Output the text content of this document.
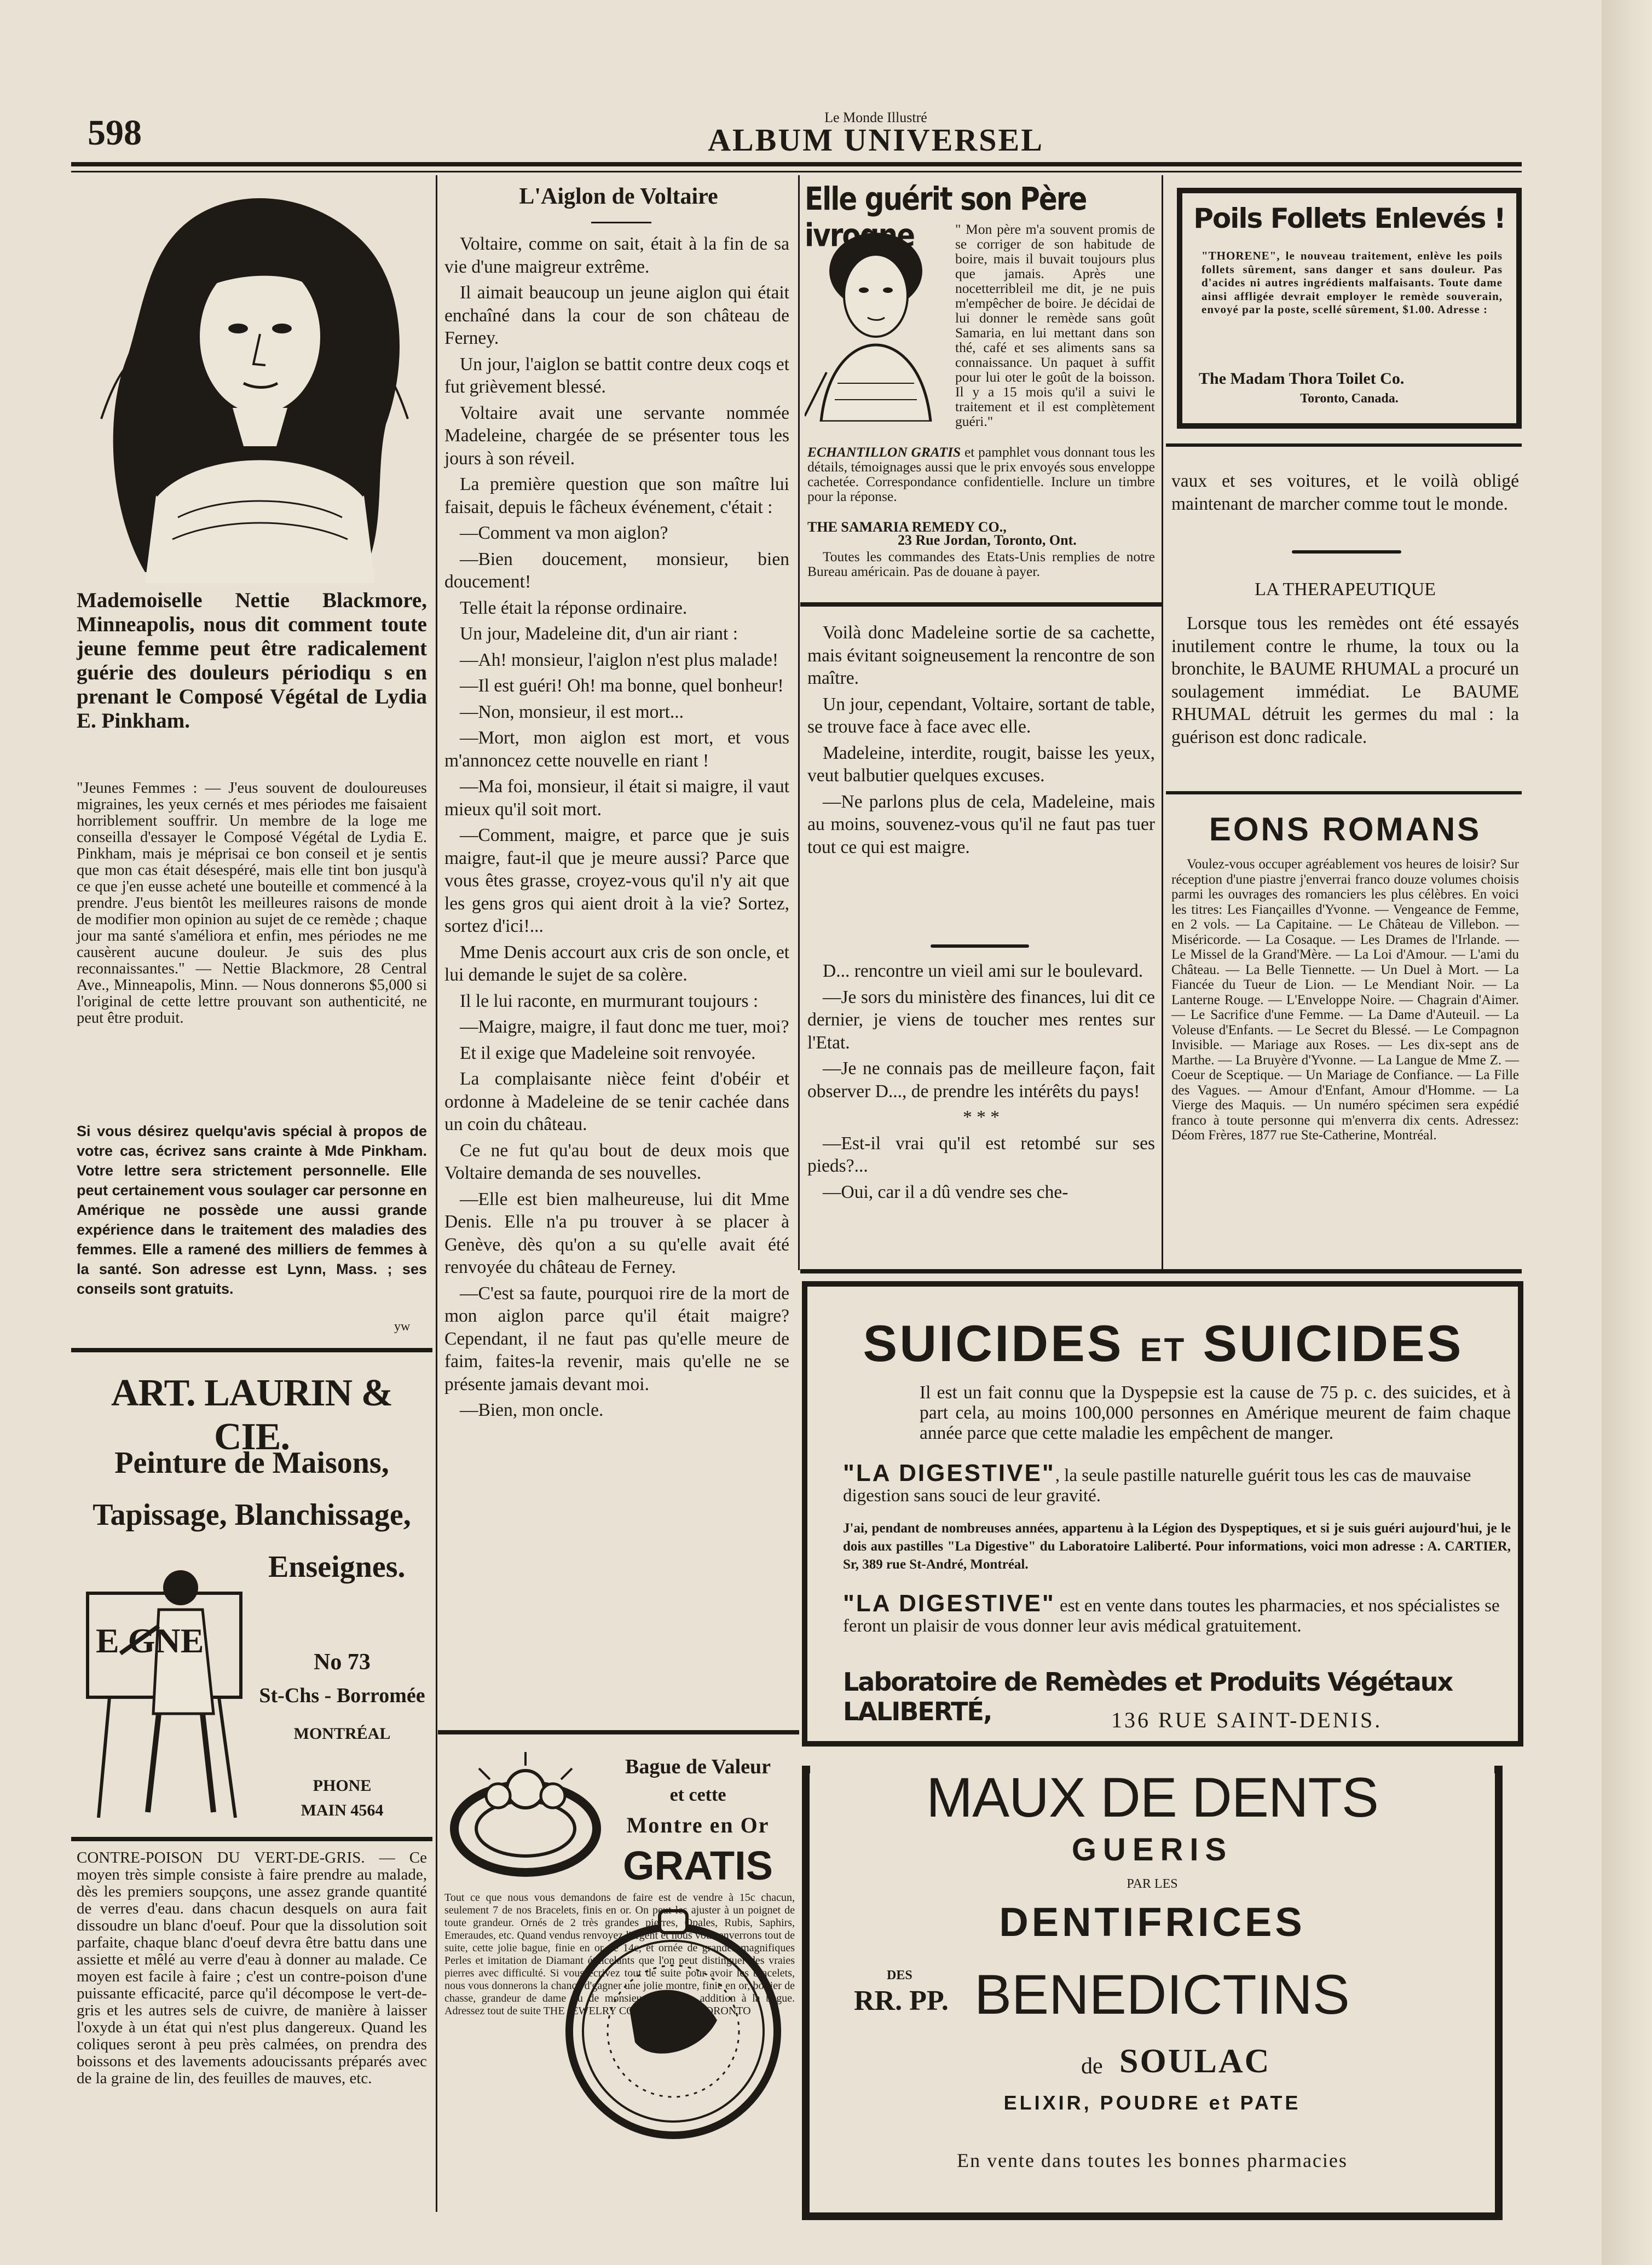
598	Le Monde Illustré
ALBUM UNIVERSEL
Mademoiselle Nettie Blackmore, Minneapolis, nous dit comment toute jeune femme peut être radicalement guérie des douleurs périodiqu s en prenant le Composé Végétal de Lydia E. Pinkham.

"Jeunes Femmes : — J'eus souvent de douloureuses migraines, les yeux cernés et mes périodes me faisaient horriblement souffrir. Un membre de la loge me conseilla d'essayer le Composé Végétal de Lydia E. Pinkham, mais je méprisai ce bon conseil et je sentis que mon cas était désespéré, mais elle tint bon jusqu'à ce que j'en eusse acheté une bouteille et commencé à la prendre. J'eus bientôt les meilleures raisons de monde de modifier mon opinion au sujet de ce remède ; chaque jour ma santé s'améliora et enfin, mes périodes ne me causèrent aucune douleur. Je suis des plus reconnaissantes." — Nettie Blackmore, 28 Central Ave., Minneapolis, Minn. — Nous donnerons $5,000 si l'original de cette lettre prouvant son authenticité, ne peut être produit.

Si vous désirez quelqu'avis spécial à propos de votre cas, écrivez sans crainte à Mde Pinkham. Votre lettre sera strictement personnelle. Elle peut certainement vous soulager car personne en Amérique ne possède une aussi grande expérience dans le traitement des maladies des femmes. Elle a ramené des milliers de femmes à la santé. Son adresse est Lynn, Mass. ; ses conseils sont gratuits.
yw
ART. LAURIN & CIE.
Peinture de Maisons,
Tapissage, Blanchissage,
Enseignes.
E GNE
No 73
St-Chs - Borromée
MONTRÉAL
PHONE
MAIN 4564

CONTRE-POISON DU VERT-DE-GRIS. — Ce moyen très simple consiste à faire prendre au malade, dès les premiers soupçons, une assez grande quantité de verres d'eau. dans chacun desquels on aura fait dissoudre un blanc d'oeuf. Pour que la dissolution soit parfaite, chaque blanc d'oeuf devra être battu dans une assiette et mêlé au verre d'eau à donner au malade. Ce moyen est facile à faire ; c'est un contre-poison d'une puissante efficacité, parce qu'il décompose le vert-de-gris et les autres sels de cuivre, de manière à laisser l'oxyde à un état qui n'est plus dangereux. Quand les coliques seront à peu près calmées, on prendra des boissons et des lavements adoucissants préparés avec de la graine de lin, des feuilles de mauves, etc.

L'Aiglon de Voltaire

Voltaire, comme on sait, était à la fin de sa vie d'une maigreur extrême.

Il aimait beaucoup un jeune aiglon qui était enchaîné dans la cour de son château de Ferney.

Un jour, l'aiglon se battit contre deux coqs et fut grièvement blessé.

Voltaire avait une servante nommée Madeleine, chargée de se présenter tous les jours à son réveil.

La première question que son maître lui faisait, depuis le fâcheux événement, c'était :

—Comment va mon aiglon?

—Bien doucement, monsieur, bien doucement!

Telle était la réponse ordinaire.

Un jour, Madeleine dit, d'un air riant :

—Ah! monsieur, l'aiglon n'est plus malade!

—Il est guéri! Oh! ma bonne, quel bonheur!

—Non, monsieur, il est mort...

—Mort, mon aiglon est mort, et vous m'annoncez cette nouvelle en riant !

—Ma foi, monsieur, il était si maigre, il vaut mieux qu'il soit mort.

—Comment, maigre, et parce que je suis maigre, faut-il que je meure aussi? Parce que vous êtes grasse, croyez-vous qu'il n'y ait que les gens gros qui aient droit à la vie? Sortez, sortez d'ici!...

Mme Denis accourt aux cris de son oncle, et lui demande le sujet de sa colère.

Il le lui raconte, en murmurant toujours :

—Maigre, maigre, il faut donc me tuer, moi?

Et il exige que Madeleine soit renvoyée.

La complaisante nièce feint d'obéir et ordonne à Madeleine de se tenir cachée dans un coin du château.

Ce ne fut qu'au bout de deux mois que Voltaire demanda de ses nouvelles.

—Elle est bien malheureuse, lui dit Mme Denis. Elle n'a pu trouver à se placer à Genève, dès qu'on a su qu'elle avait été renvoyée du château de Ferney.

—C'est sa faute, pourquoi rire de la mort de mon aiglon parce qu'il était maigre? Cependant, il ne faut pas qu'elle meure de faim, faites-la revenir, mais qu'elle ne se présente jamais devant moi.

—Bien, mon oncle.

Bague de Valeur
et cette
Montre en Or
GRATIS
Tout ce que nous vous demandons de faire est de vendre à 15c chacun, seulement 7 de nos Bracelets, finis en or. On peut les ajuster à un poignet de toute grandeur. Ornés de 2 très grandes pierres, Opales, Rubis, Saphirs, Emeraudes, etc. Quand vendus renvoyez l'argent et nous vous enverrons tout de suite, cette jolie bague, finie en or de 14c, et ornée de grandes magnifiques Perles et imitation de Diamant étincelants que l'on peut distinguer des vraies pierres avec difficulté. Si vous écrivez tout de suite pour avoir les bracelets, nous vous donnerons la chance d'gagner une jolie montre, finie en or, boitier de chasse, grandeur de dame ou de monsieur, gratis en addition à la bague. Adressez tout de suite THE JEWELRY CO., DEPT. 1502 TORONTO
Elle guérit son Père ivrogne	" Mon père m'a souvent promis de se corriger de son habitude de boire, mais il buvait toujours plus que jamais. Après une nocetterribleil me dit, je ne puis m'empêcher de boire. Je décidai de lui donner le remède sans goût Samaria, en lui mettant dans son thé, café et ses aliments sans sa connaissance. Un paquet à suffit pour lui oter le goût de la boisson. Il y a 15 mois qu'il a suivi le traitement et il est complètement guéri."
ECHANTILLON GRATIS et pamphlet vous donnant tous les détails, témoignages aussi que le prix envoyés sous enveloppe cachetée. Correspondance confidentielle. Inclure un timbre pour la réponse.
THE SAMARIA REMEDY CO.,
23 Rue Jordan, Toronto, Ont.
Toutes les commandes des Etats-Unis remplies de notre Bureau américain. Pas de douane à payer.

Voilà donc Madeleine sortie de sa cachette, mais évitant soigneusement la rencontre de son maître.

Un jour, cependant, Voltaire, sortant de table, se trouve face à face avec elle.

Madeleine, interdite, rougit, baisse les yeux, veut balbutier quelques excuses.

—Ne parlons plus de cela, Madeleine, mais au moins, souvenez-vous qu'il ne faut pas tuer tout ce qui est maigre.

D... rencontre un vieil ami sur le boulevard.

—Je sors du ministère des finances, lui dit ce dernier, je viens de toucher mes rentes sur l'Etat.

—Je ne connais pas de meilleure façon, fait observer D..., de prendre les intérêts du pays!

* * *

—Est-il vrai qu'il est retombé sur ses pieds?...

—Oui, car il a dû vendre ses che-

Poils Follets Enlevés !
"THORENE", le nouveau traitement, enlève les poils follets sûrement, sans danger et sans douleur. Pas d'acides ni autres ingrédients malfaisants. Toute dame ainsi affligée devrait employer le remède souverain, envoyé par la poste, scellé sûrement, $1.00. Adresse :
The Madam Thora Toilet Co.
Toronto, Canada.

vaux et ses voitures, et le voilà obligé maintenant de marcher comme tout le monde.

LA THERAPEUTIQUE

Lorsque tous les remèdes ont été essayés inutilement contre le rhume, la toux ou la bronchite, le BAUME RHUMAL a procuré un soulagement immédiat. Le BAUME RHUMAL détruit les germes du mal : la guérison est donc radicale.

EONS ROMANS
Voulez-vous occuper agréablement vos heures de loisir? Sur réception d'une piastre j'enverrai franco douze volumes choisis parmi les ouvrages des romanciers les plus célèbres. En voici les titres: Les Fiançailles d'Yvonne. — Vengeance de Femme, en 2 vols. — La Capitaine. — Le Château de Villebon. — Miséricorde. — La Cosaque. — Les Drames de l'Irlande. — Le Missel de la Grand'Mère. — La Loi d'Amour. — L'ami du Château. — La Belle Tiennette. — Un Duel à Mort. — La Fiancée du Tueur de Lion. — Le Mendiant Noir. — La Lanterne Rouge. — L'Enveloppe Noire. — Chagrain d'Aimer. — Le Sacrifice d'une Femme. — La Dame d'Auteuil. — La Voleuse d'Enfants. — Le Secret du Blessé. — Le Compagnon Invisible. — Mariage aux Roses. — Les dix-sept ans de Marthe. — La Bruyère d'Yvonne. — La Langue de Mme Z. — Coeur de Sceptique. — Un Mariage de Confiance. — La Fille des Vagues. — Amour d'Enfant, Amour d'Homme. — La Vierge des Maquis. — Un numéro spécimen sera expédié franco à toute personne qui m'enverra dix cents. Adressez: Déom Frères, 1877 rue Ste-Catherine, Montréal.
SUICIDES ET SUICIDES
Il est un fait connu que la Dyspepsie est la cause de 75 p. c. des suicides, et à part cela, au moins 100,000 personnes en Amérique meurent de faim chaque année parce que cette maladie les empêchent de manger.
"LA DIGESTIVE", la seule pastille naturelle guérit tous les cas de mauvaise digestion sans souci de leur gravité.
J'ai, pendant de nombreuses années, appartenu à la Légion des Dyspeptiques, et si je suis guéri aujourd'hui, je le dois aux pastilles "La Digestive" du Laboratoire Laliberté. Pour informations, voici mon adresse : A. CARTIER, Sr, 389 rue St-André, Montréal.
"LA DIGESTIVE" est en vente dans toutes les pharmacies, et nos spécialistes se feront un plaisir de vous donner leur avis médical gratuitement.
Laboratoire de Remèdes et Produits Végétaux LALIBERTÉ,	136 RUE SAINT-DENIS.
MAUX DE DENTS
GUERIS
PAR LES
DENTIFRICES
DES
RR. PP. BENEDICTINS
de SOULAC
ELIXIR, POUDRE et PATE
En vente dans toutes les bonnes pharmacies
